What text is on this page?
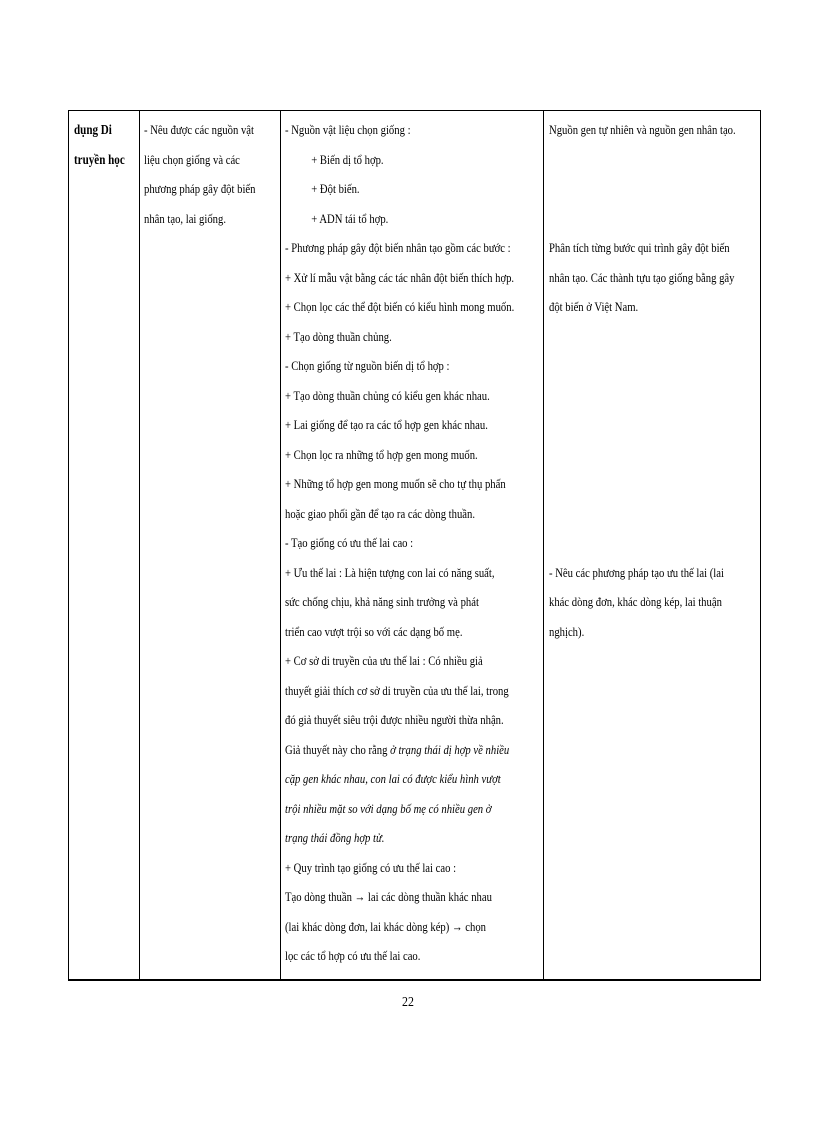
dụng Di
truyền học
- Nêu được các nguồn vật
liệu chọn giống và các
phương pháp gây đột biến
nhân tạo, lai giống.
- Nguồn vật liệu chọn giống :
+ Biến dị tổ hợp.
+ Đột biến.
+ ADN tái tổ hợp.
- Phương pháp gây đột biến nhân tạo gồm các bước :
+ Xử lí mẫu vật bằng các tác nhân đột biến thích hợp.
+ Chọn lọc các thể đột biến có kiểu hình mong muốn.
+ Tạo dòng thuần chủng.
- Chọn giống từ nguồn biến dị tổ hợp :
+ Tạo dòng thuần chủng có kiểu gen khác nhau.
+ Lai giống để tạo ra các tổ hợp gen khác nhau.
+ Chọn lọc ra những tổ hợp gen mong muốn.
+ Những tổ hợp gen mong muốn sẽ cho tự thụ phấn
hoặc giao phối gần để tạo ra các dòng thuần.
- Tạo giống có ưu thế lai cao :
+ Ưu thế lai : Là hiện tượng con lai có năng suất,
sức chống chịu, khả năng sinh trưởng và phát
triển cao vượt trội so với các dạng bố mẹ.
+ Cơ sở di truyền của ưu thế lai : Có nhiều giả
thuyết giải thích cơ sở di truyền của ưu thế lai, trong
đó giả thuyết siêu trội được nhiều người thừa nhận.
Giả thuyết này cho rằng ở trạng thái dị hợp về nhiều
cặp gen khác nhau, con lai có được kiểu hình vượt
trội nhiều mặt so với dạng bố mẹ có nhiều gen ở
trạng thái đồng hợp tử.
+ Quy trình tạo giống có ưu thế lai cao :
Tạo dòng thuần → lai các dòng thuần khác nhau
(lai khác dòng đơn, lai khác dòng kép) → chọn
lọc các tổ hợp có ưu thế lai cao.
Nguồn gen tự nhiên và nguồn gen nhân tạo.
Phân tích từng bước qui trình gây đột biến
nhân tạo. Các thành tựu tạo giống bằng gây
đột biến ở Việt Nam.
- Nêu các phương pháp tạo ưu thế lai (lai
khác dòng đơn, khác dòng kép, lai thuận
nghịch).
22
